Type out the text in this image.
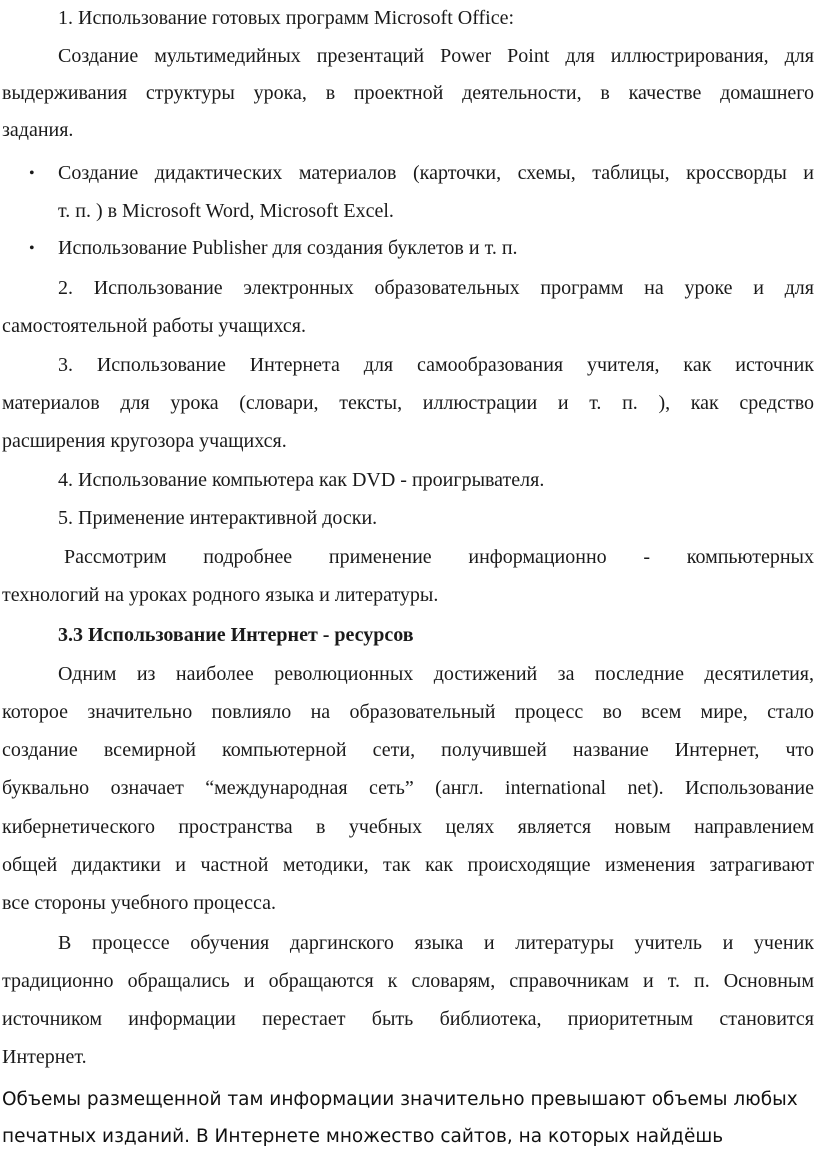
1. Использование готовых программ Microsoft Office:
Создание мультимедийных презентаций Power Point для иллюстрирования, для
выдерживания структуры урока, в проектной деятельности, в качестве домашнего
задания.
• Создание дидактических материалов (карточки, схемы, таблицы, кроссворды и
т. п. ) в Microsoft Word, Microsoft Excel.
• Использование Publisher для создания буклетов и т. п.
2. Использование электронных образовательных программ на уроке и для
самостоятельной работы учащихся.
3. Использование Интернета для самообразования учителя, как источник
материалов для урока (словари, тексты, иллюстрации и т. п. ), как средство
расширения кругозора учащихся.
4. Использование компьютера как DVD - проигрывателя.
5. Применение интерактивной доски.
Рассмотрим подробнее применение информационно - компьютерных
технологий на уроках родного языка и литературы.
3.3 Использование Интернет - ресурсов
Одним из наиболее революционных достижений за последние десятилетия,
которое значительно повлияло на образовательный процесс во всем мире, стало
создание всемирной компьютерной сети, получившей название Интернет, что
буквально означает “международная сеть” (англ. international net). Использование
кибернетического пространства в учебных целях является новым направлением
общей дидактики и частной методики, так как происходящие изменения затрагивают
все стороны учебного процесса.
В процессе обучения даргинского языка и литературы учитель и ученик
традиционно обращались и обращаются к словарям, справочникам и т. п. Основным
источником информации перестает быть библиотека, приоритетным становится
Интернет.
Объемы размещенной там информации значительно превышают объемы любых
печатных изданий. В Интернете множество сайтов, на которых найдёшь
